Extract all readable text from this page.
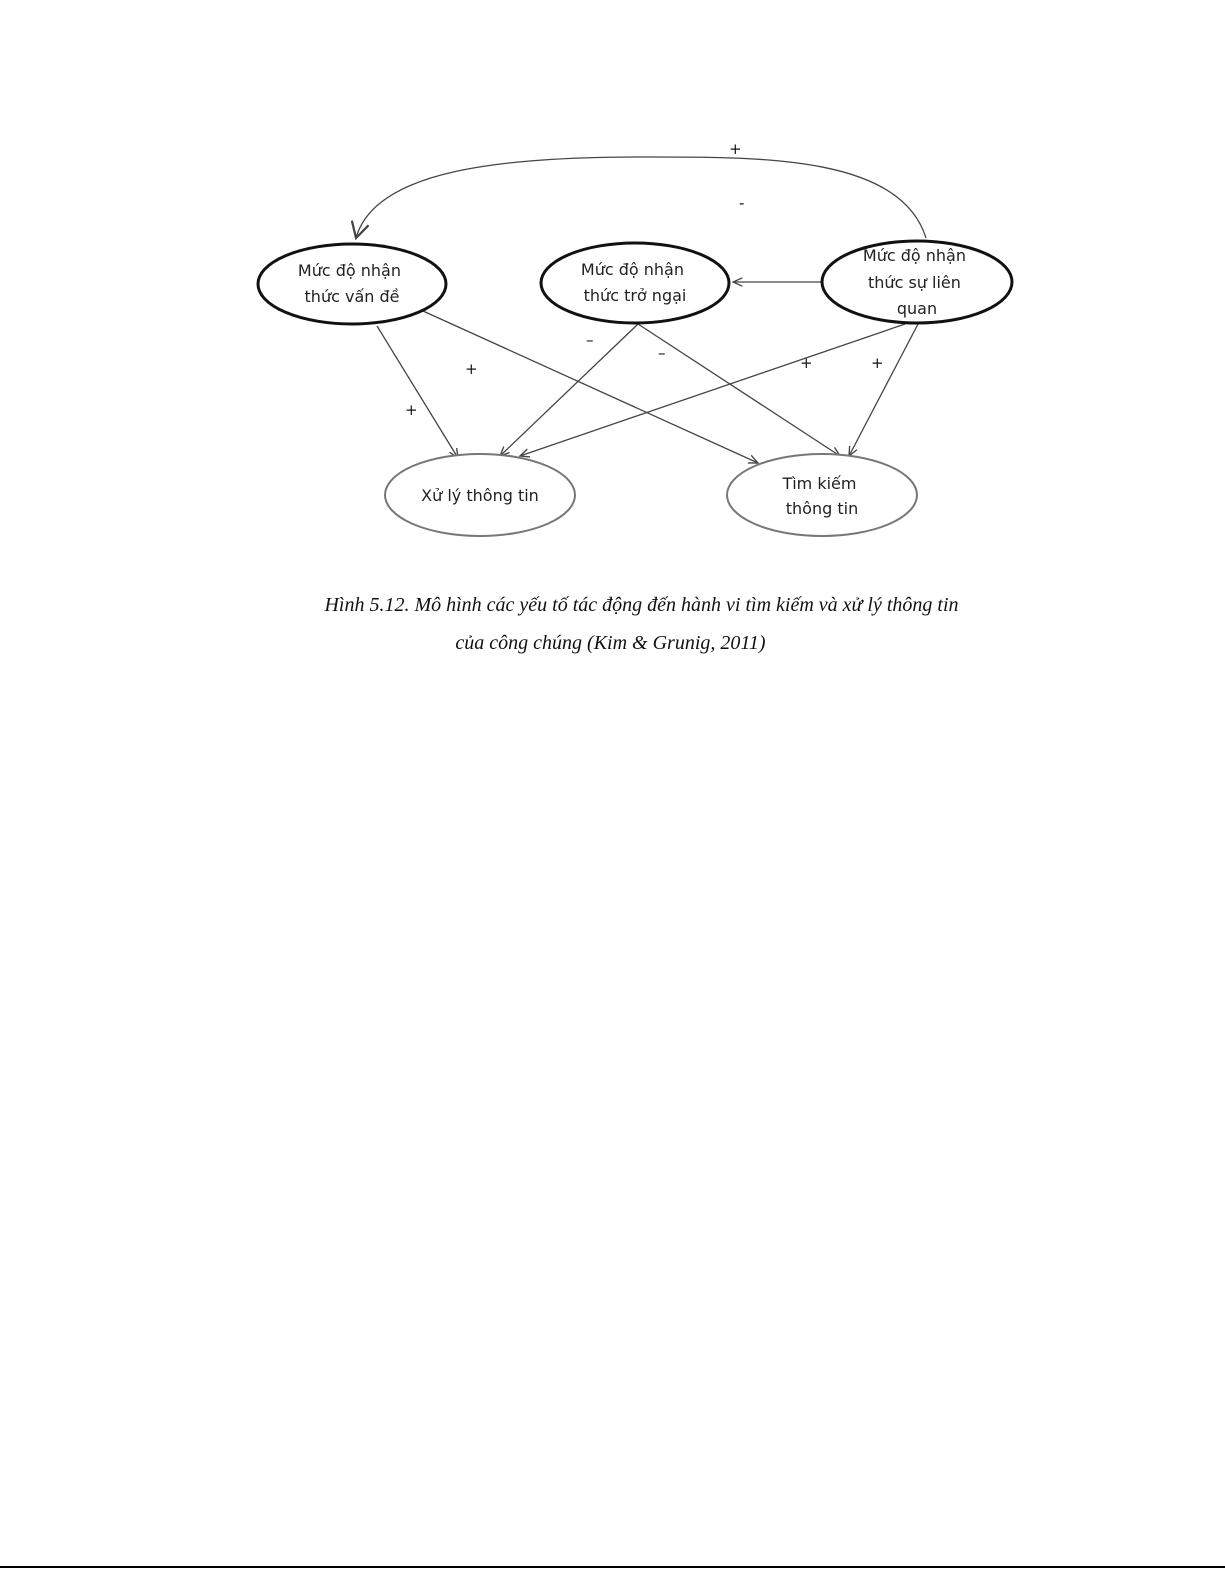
Mức độ nhận thức vấn đề
Mức độ nhận thức trở ngại
Mức độ nhận thức sự liên quan
Xử lý thông tin
Tìm kiếm thông tin
+
-
+
+
–
–
+	+
Hình 5.12. Mô hình các yếu tố tác động đến hành vi tìm kiếm và xử lý thông tin
của công chúng (Kim & Grunig, 2011)
